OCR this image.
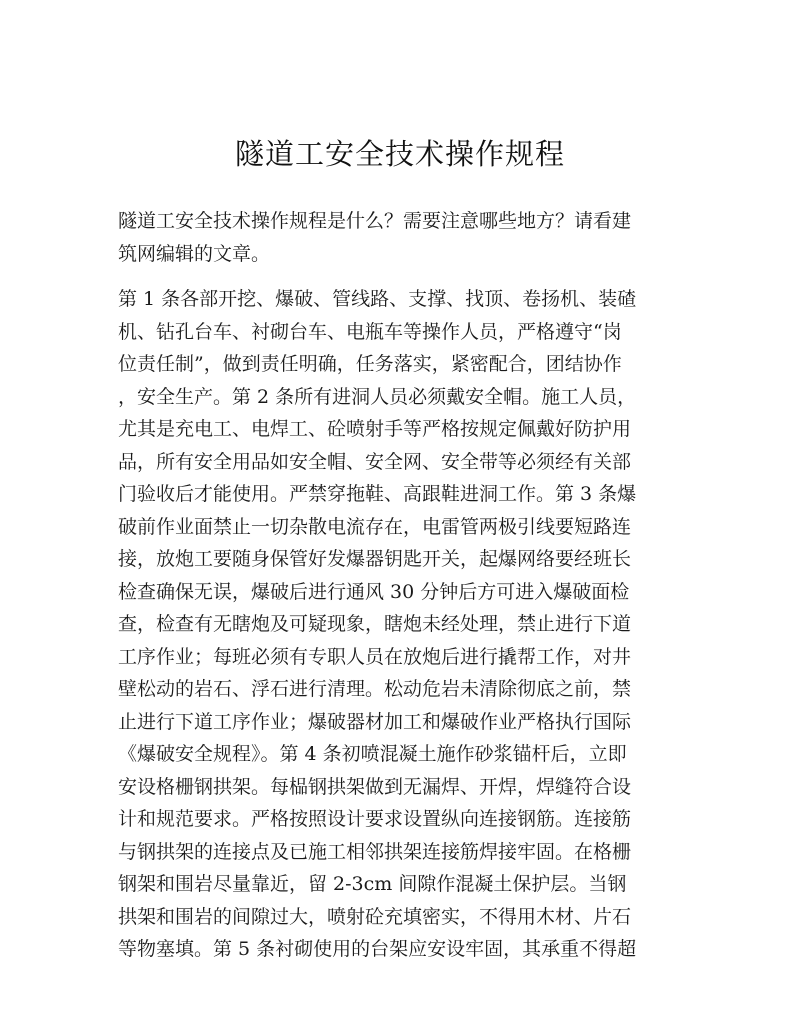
隧道工安全技术操作规程

隧道工安全技术操作规程是什么？需要注意哪些地方？请看建
筑网编辑的文章。

第 1 条各部开挖、爆破、管线路、支撑、找顶、卷扬机、装碴
机、钻孔台车、衬砌台车、电瓶车等操作人员，严格遵守“岗
位责任制”，做到责任明确，任务落实，紧密配合，团结协作
，安全生产。第 2 条所有进洞人员必须戴安全帽。施工人员，
尤其是充电工、电焊工、砼喷射手等严格按规定佩戴好防护用
品，所有安全用品如安全帽、安全网、安全带等必须经有关部
门验收后才能使用。严禁穿拖鞋、高跟鞋进洞工作。第 3 条爆
破前作业面禁止一切杂散电流存在，电雷管两极引线要短路连
接，放炮工要随身保管好发爆器钥匙开关，起爆网络要经班长
检查确保无误，爆破后进行通风 30 分钟后方可进入爆破面检
查，检查有无瞎炮及可疑现象，瞎炮未经处理，禁止进行下道
工序作业；每班必须有专职人员在放炮后进行撬帮工作，对井
壁松动的岩石、浮石进行清理。松动危岩未清除彻底之前，禁
止进行下道工序作业；爆破器材加工和爆破作业严格执行国际
《爆破安全规程》。第 4 条初喷混凝土施作砂浆锚杆后，立即
安设格栅钢拱架。每榀钢拱架做到无漏焊、开焊，焊缝符合设
计和规范要求。严格按照设计要求设置纵向连接钢筋。连接筋
与钢拱架的连接点及已施工相邻拱架连接筋焊接牢固。在格栅
钢架和围岩尽量靠近，留 2-3cm 间隙作混凝土保护层。当钢
拱架和围岩的间隙过大，喷射砼充填密实，不得用木材、片石
等物塞填。第 5 条衬砌使用的台架应安设牢固，其承重不得超
